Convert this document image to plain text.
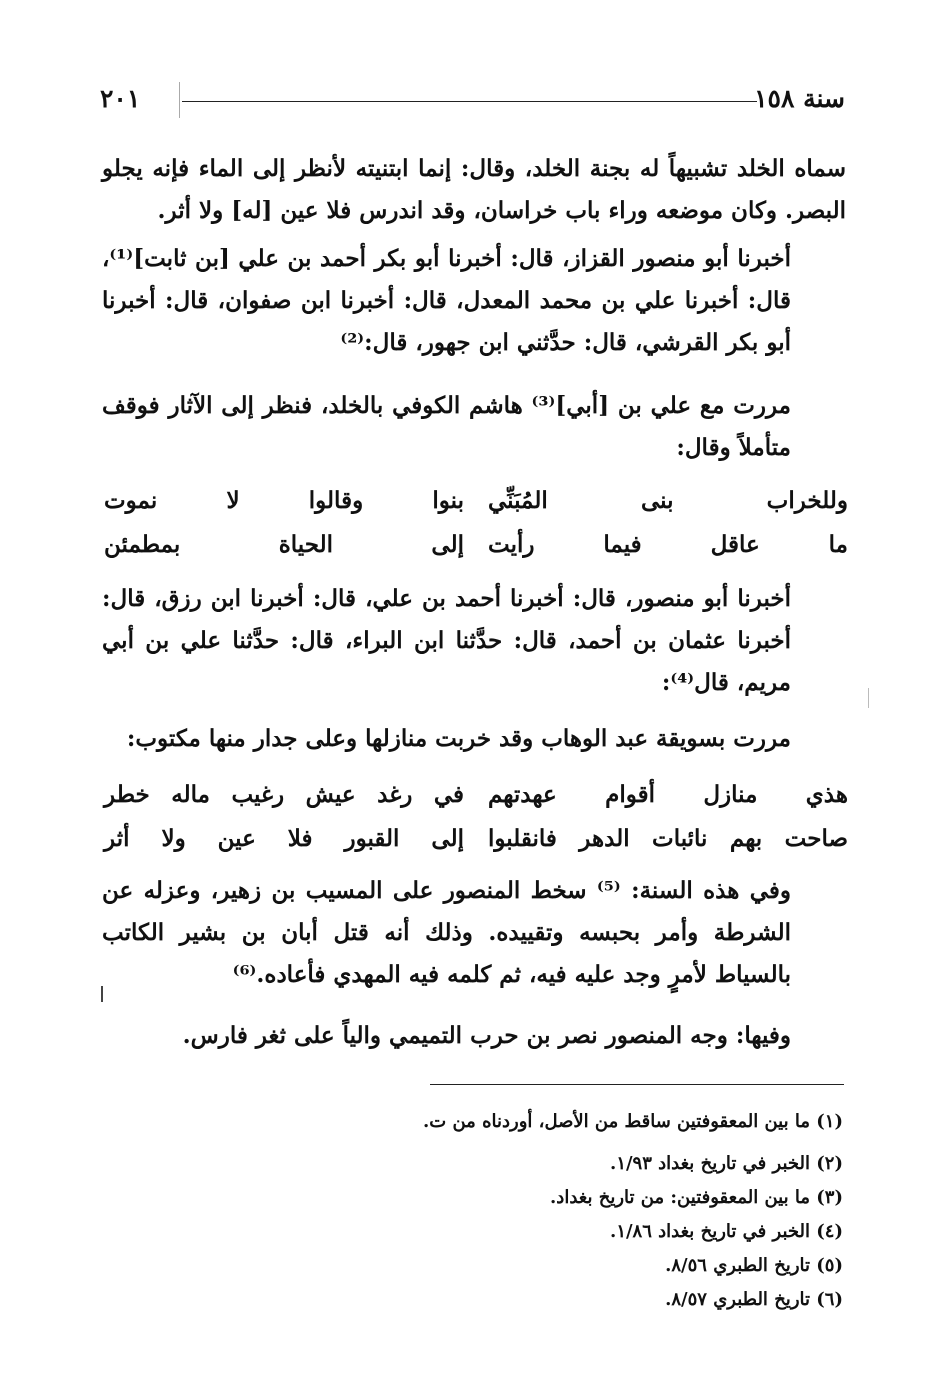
٢٠١	سنة ١٥٨

سماه الخلد تشبيهاً له بجنة الخلد، وقال: إنما ابتنيته لأنظر إلى الماء فإنه يجلو البصر. وكان موضعه وراء باب خراسان، وقد اندرس فلا عين [له] ولا أثر.

أخبرنا أبو منصور القزاز، قال: أخبرنا أبو بكر أحمد بن علي [بن ثابت]⁽¹⁾، قال: أخبرنا علي بن محمد المعدل، قال: أخبرنا ابن صفوان، قال: أخبرنا أبو بكر القرشي، قال: حدَّثني ابن جهور، قال:⁽²⁾

مررت مع علي بن [أبي]⁽³⁾ هاشم الكوفي بالخلد، فنظر إلى الآثار فوقف متأملاً وقال:

وللخراب بنى المُبَنِّي
بنوا وقالوا لا نموت
ما عاقل فيما رأيت
إلى الحياة بمطمئن

أخبرنا أبو منصور، قال: أخبرنا أحمد بن علي، قال: أخبرنا ابن رزق، قال: أخبرنا عثمان بن أحمد، قال: حدَّثنا ابن البراء، قال: حدَّثنا علي بن أبي مريم، قال⁽⁴⁾:

مررت بسويقة عبد الوهاب وقد خربت منازلها وعلى جدار منها مكتوب:

هذي منازل أقوام عهدتهم
في رغد عيش رغيب ماله خطر
صاحت بهم نائبات الدهر فانقلبوا
إلى القبور فلا عين ولا أثر

وفي هذه السنة: ⁽⁵⁾ سخط المنصور على المسيب بن زهير، وعزله عن الشرطة وأمر بحبسه وتقييده. وذلك أنه قتل أبان بن بشير الكاتب بالسياط لأمرٍ وجد عليه فيه، ثم كلمه فيه المهدي فأعاده.⁽⁶⁾

وفيها: وجه المنصور نصر بن حرب التميمي والياً على ثغر فارس.

(١) ما بين المعقوفتين ساقط من الأصل، أوردناه من ت.
(٢) الخبر في تاريخ بغداد ١/٩٣.
(٣) ما بين المعقوفتين: من تاريخ بغداد.
(٤) الخبر في تاريخ بغداد ١/٨٦.
(٥) تاريخ الطبري ٨/٥٦.
(٦) تاريخ الطبري ٨/٥٧.
